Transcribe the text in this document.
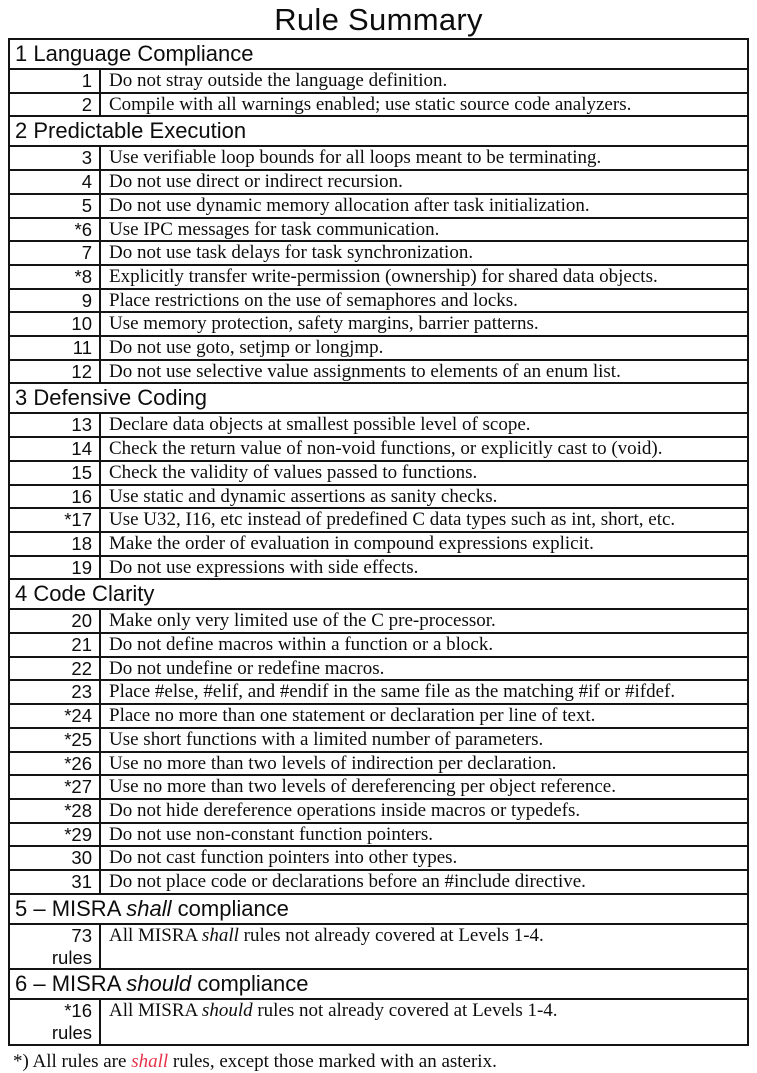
Rule Summary
1 Language Compliance
1 Do not stray outside the language definition.
2 Compile with all warnings enabled; use static source code analyzers.
2 Predictable Execution
3 Use verifiable loop bounds for all loops meant to be terminating.
4 Do not use direct or indirect recursion.
5 Do not use dynamic memory allocation after task initialization.
*6 Use IPC messages for task communication.
7 Do not use task delays for task synchronization.
*8 Explicitly transfer write-permission (ownership) for shared data objects.
9 Place restrictions on the use of semaphores and locks.
10 Use memory protection, safety margins, barrier patterns.
11 Do not use goto, setjmp or longjmp.
12 Do not use selective value assignments to elements of an enum list.
3 Defensive Coding
13 Declare data objects at smallest possible level of scope.
14 Check the return value of non-void functions, or explicitly cast to (void).
15 Check the validity of values passed to functions.
16 Use static and dynamic assertions as sanity checks.
*17 Use U32, I16, etc instead of predefined C data types such as int, short, etc.
18 Make the order of evaluation in compound expressions explicit.
19 Do not use expressions with side effects.
4 Code Clarity
20 Make only very limited use of the C pre-processor.
21 Do not define macros within a function or a block.
22 Do not undefine or redefine macros.
23 Place #else, #elif, and #endif in the same file as the matching #if or #ifdef.
*24 Place no more than one statement or declaration per line of text.
*25 Use short functions with a limited number of parameters.
*26 Use no more than two levels of indirection per declaration.
*27 Use no more than two levels of dereferencing per object reference.
*28 Do not hide dereference operations inside macros or typedefs.
*29 Do not use non-constant function pointers.
30 Do not cast function pointers into other types.
31 Do not place code or declarations before an #include directive.
5 – MISRA shall compliance
73
rules
All MISRA shall rules not already covered at Levels 1-4.
6 – MISRA should compliance
*16
rules
All MISRA should rules not already covered at Levels 1-4.
*) All rules are shall rules, except those marked with an asterix.
